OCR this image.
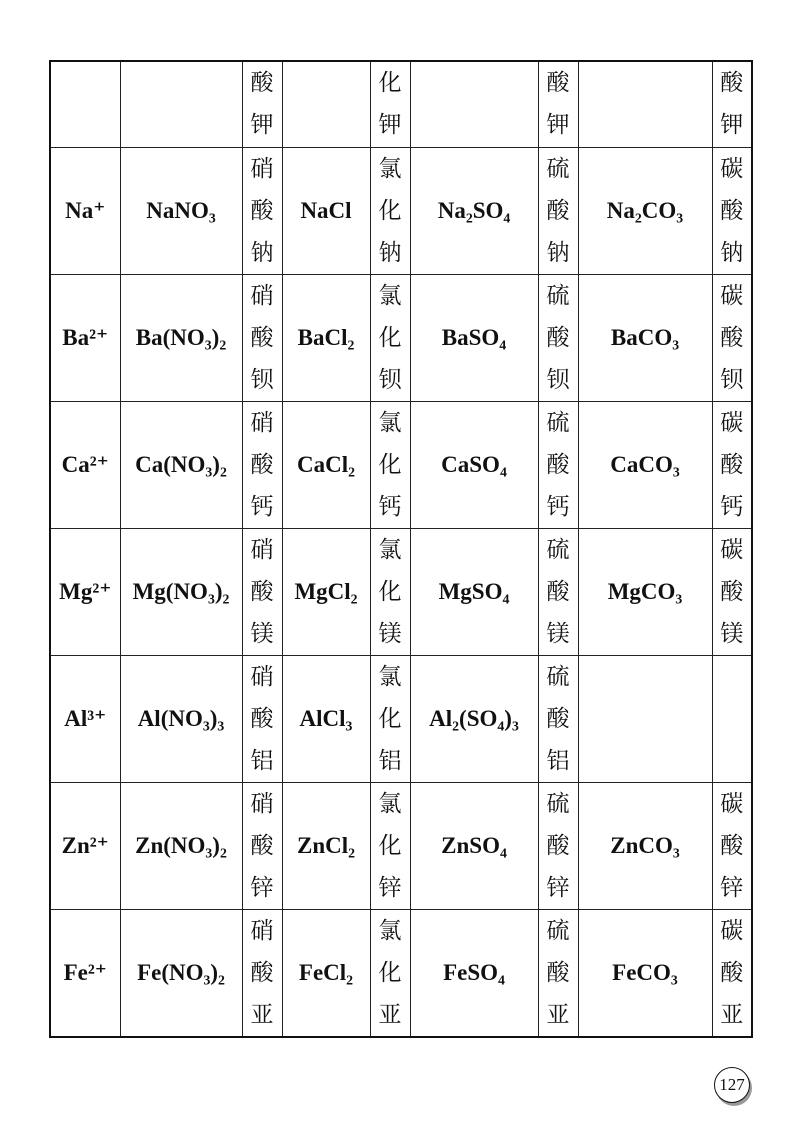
		酸钾		化钾		酸钾		酸钾
Na⁺	NaNO₃	硝酸钠	NaCl	氯化钠	Na₂SO₄	硫酸钠	Na₂CO₃	碳酸钠
Ba²⁺	Ba(NO₃)₂	硝酸钡	BaCl₂	氯化钡	BaSO₄	硫酸钡	BaCO₃	碳酸钡
Ca²⁺	Ca(NO₃)₂	硝酸钙	CaCl₂	氯化钙	CaSO₄	硫酸钙	CaCO₃	碳酸钙
Mg²⁺	Mg(NO₃)₂	硝酸镁	MgCl₂	氯化镁	MgSO₄	硫酸镁	MgCO₃	碳酸镁
Al³⁺	Al(NO₃)₃	硝酸铝	AlCl₃	氯化铝	Al₂(SO₄)₃	硫酸铝		
Zn²⁺	Zn(NO₃)₂	硝酸锌	ZnCl₂	氯化锌	ZnSO₄	硫酸锌	ZnCO₃	碳酸锌
Fe²⁺	Fe(NO₃)₂	硝酸亚	FeCl₂	氯化亚	FeSO₄	硫酸亚	FeCO₃	碳酸亚
127
